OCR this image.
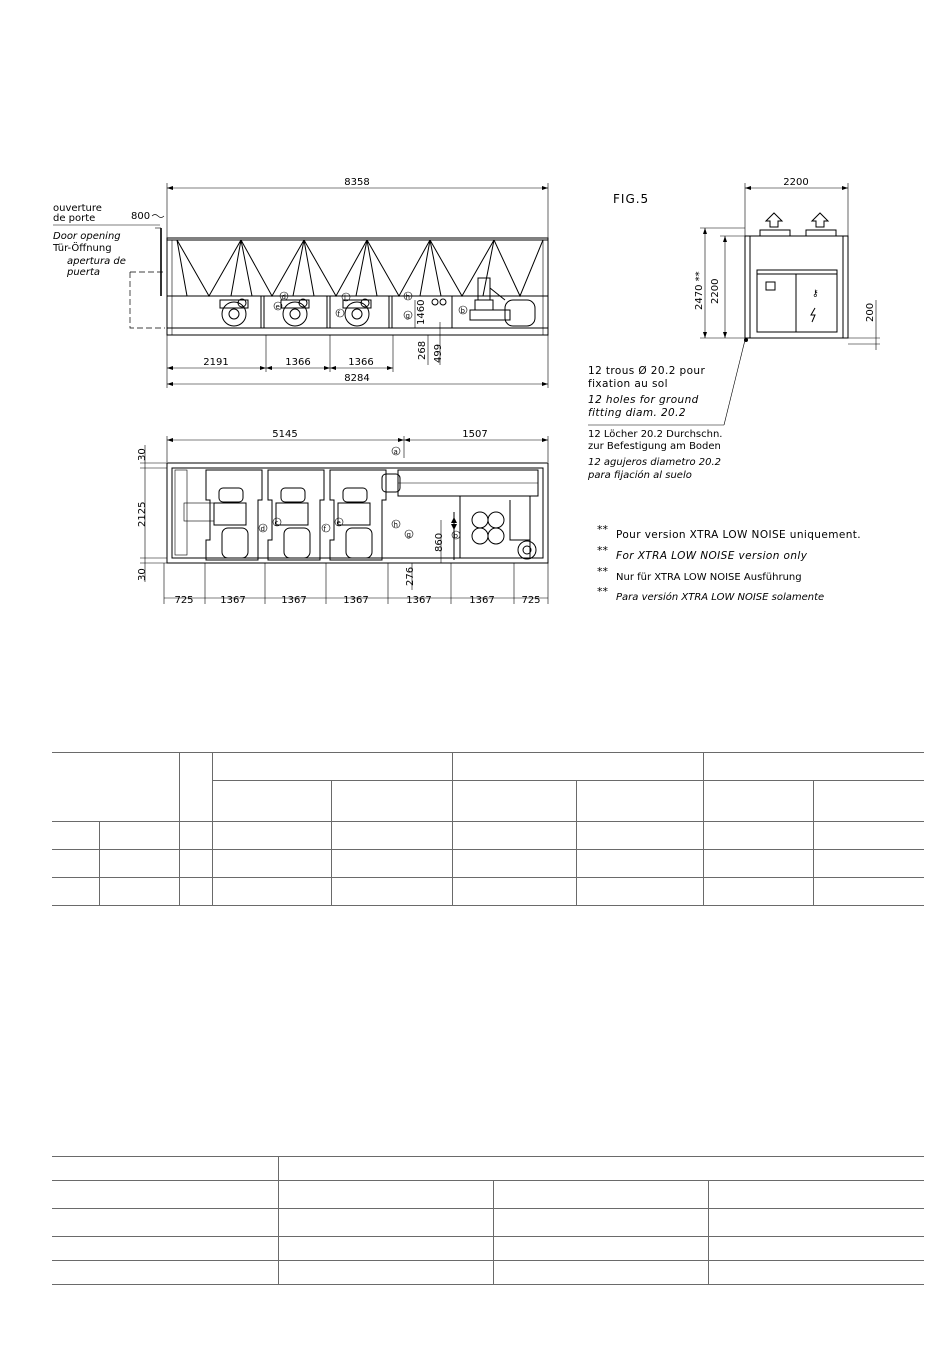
8358
ouverture
de porte	800
Door opening
Tür-Öffnung
apertura de
puerta
d
e
i
f
h
g
b
1460
268 499
2191	1366	1366
8284
5145	1507
a
d
c
f
e	h
g	b
30
2125
30
860
276
725	1367	1367	1367	1367	1367	725
FIG.5
2200
⚷
2470 ** 2200
200
12 trous Ø 20.2 pour
fixation au sol
12 holes for ground
fitting diam. 20.2
12 Löcher 20.2 Durchschn.
zur Befestigung am Boden
12 agujeros diametro 20.2
para fijación al suelo
** Pour version XTRA LOW NOISE uniquement.
** For XTRA LOW NOISE version only
** Nur für XTRA LOW NOISE Ausführung
** Para versión XTRA LOW NOISE solamente
